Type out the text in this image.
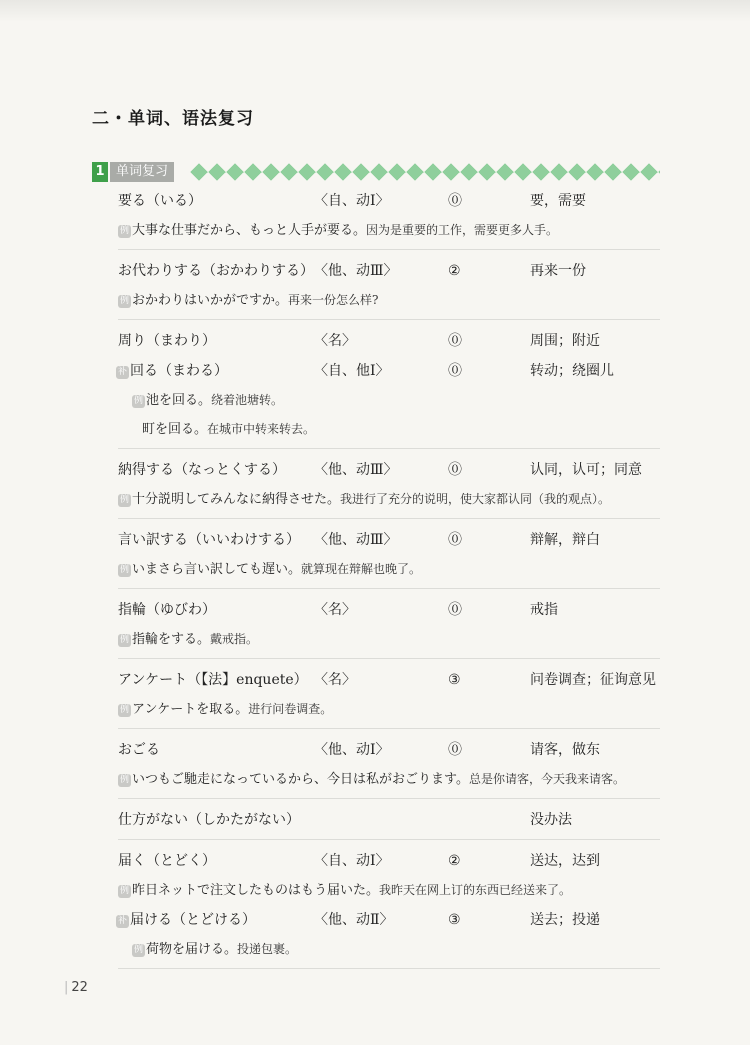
二・单词、语法复习
1 单词复习
要る（いる）	〈自、动Ⅰ〉	⓪	要，需要
例 大事な仕事だから、もっと人手が要る。因为是重要的工作，需要更多人手。
お代わりする（おかわりする） 〈他、动Ⅲ〉	②	再来一份
例 おかわりはいかがですか。再来一份怎么样?
周り（まわり）	〈名〉	⓪	周围；附近
补 回る（まわる）	〈自、他Ⅰ〉	⓪	转动；绕圈儿
例 池を回る。绕着池塘转。
町を回る。在城市中转来转去。
納得する（なっとくする） 〈他、动Ⅲ〉	⓪	认同，认可；同意
例 十分説明してみんなに納得させた。我进行了充分的说明，使大家都认同（我的观点）。
言い訳する（いいわけする） 〈他、动Ⅲ〉	⓪	辩解，辩白
例 いまさら言い訳しても遅い。就算现在辩解也晚了。
指輪（ゆびわ）	〈名〉	⓪	戒指
例 指輪をする。戴戒指。
アンケート（【法】enquete） 〈名〉	③	问卷调查；征询意见
例 アンケートを取る。进行问卷调查。
おごる	〈他、动Ⅰ〉	⓪	请客，做东
例 いつもご馳走になっているから、今日は私がおごります。总是你请客，今天我来请客。
仕方がない（しかたがない）	没办法
届く（とどく）	〈自、动Ⅰ〉	②	送达，达到
例 昨日ネットで注文したものはもう届いた。我昨天在网上订的东西已经送来了。
补 届ける（とどける）	〈他、动Ⅱ〉	③	送去；投递
例 荷物を届ける。投递包裹。
| 22
